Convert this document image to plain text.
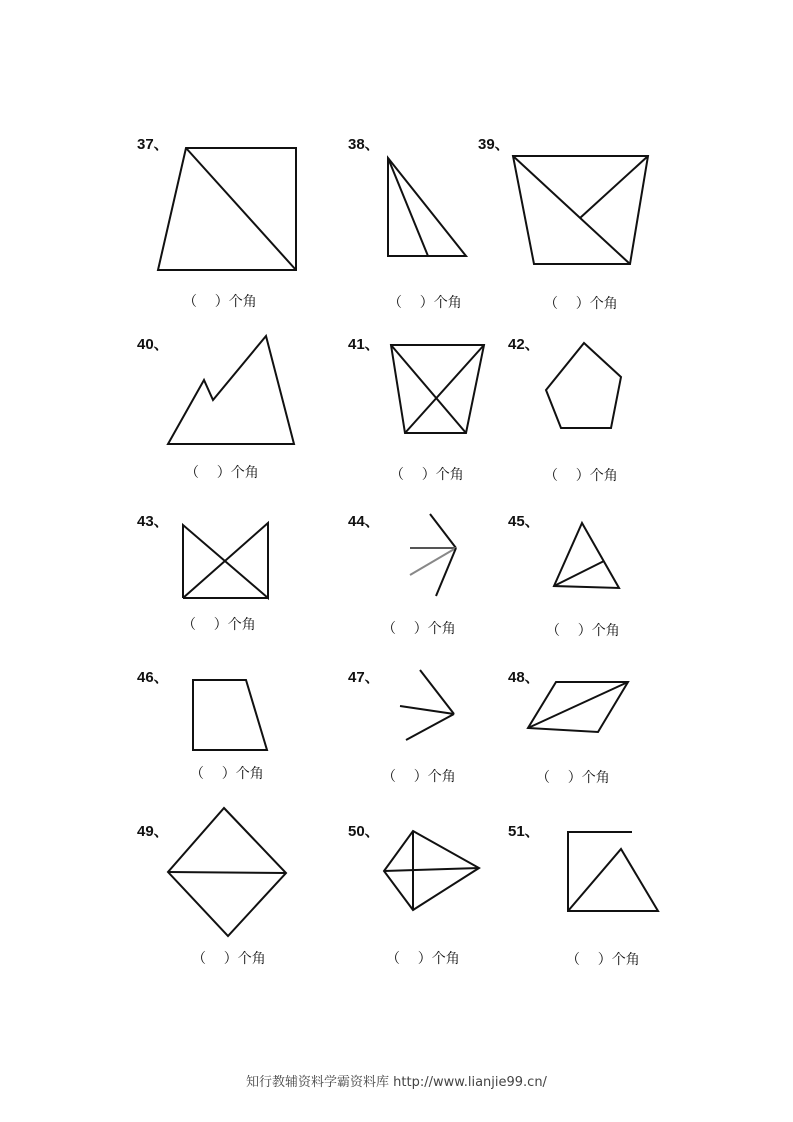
37、
（    ）个角
38、
（    ）个角
39、
（    ）个角
40、
（    ）个角
41、
（    ）个角
42、
（    ）个角
43、
（    ）个角
44、
（    ）个角
45、
（    ）个角
46、
（    ）个角
47、
（    ）个角
48、
（    ）个角
49、
（    ）个角
50、
（    ）个角
51、
（    ）个角
知行教辅资料学霸资料库 http://www.lianjie99.cn/
